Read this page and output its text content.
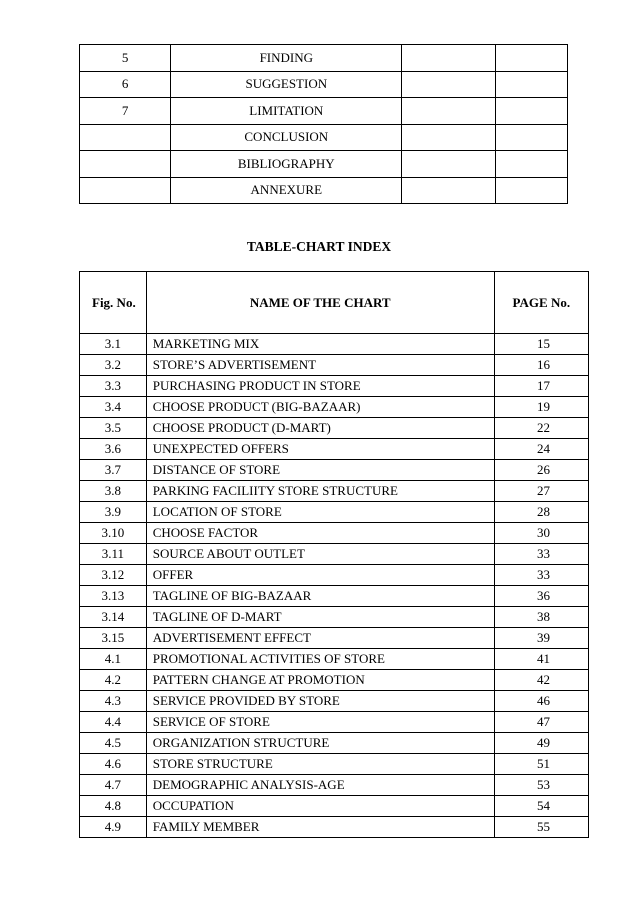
5	FINDING		
6	SUGGESTION		
7	LIMITATION		
	CONCLUSION		
	BIBLIOGRAPHY		
	ANNEXURE		
TABLE-CHART INDEX
Fig. No.	NAME OF THE CHART	PAGE No.
3.1	MARKETING MIX	15
3.2	STORE’S ADVERTISEMENT	16
3.3	PURCHASING PRODUCT IN STORE	17
3.4	CHOOSE PRODUCT (BIG-BAZAAR)	19
3.5	CHOOSE PRODUCT (D-MART)	22
3.6	UNEXPECTED OFFERS	24
3.7	DISTANCE OF STORE	26
3.8	PARKING FACILIITY STORE STRUCTURE	27
3.9	LOCATION OF STORE	28
3.10	CHOOSE FACTOR	30
3.11	SOURCE ABOUT OUTLET	33
3.12	OFFER	33
3.13	TAGLINE OF BIG-BAZAAR	36
3.14	TAGLINE OF D-MART	38
3.15	ADVERTISEMENT EFFECT	39
4.1	PROMOTIONAL ACTIVITIES OF STORE	41
4.2	PATTERN CHANGE AT PROMOTION	42
4.3	SERVICE PROVIDED BY STORE	46
4.4	SERVICE OF STORE	47
4.5	ORGANIZATION STRUCTURE	49
4.6	STORE STRUCTURE	51
4.7	DEMOGRAPHIC ANALYSIS-AGE	53
4.8	OCCUPATION	54
4.9	FAMILY MEMBER	55
